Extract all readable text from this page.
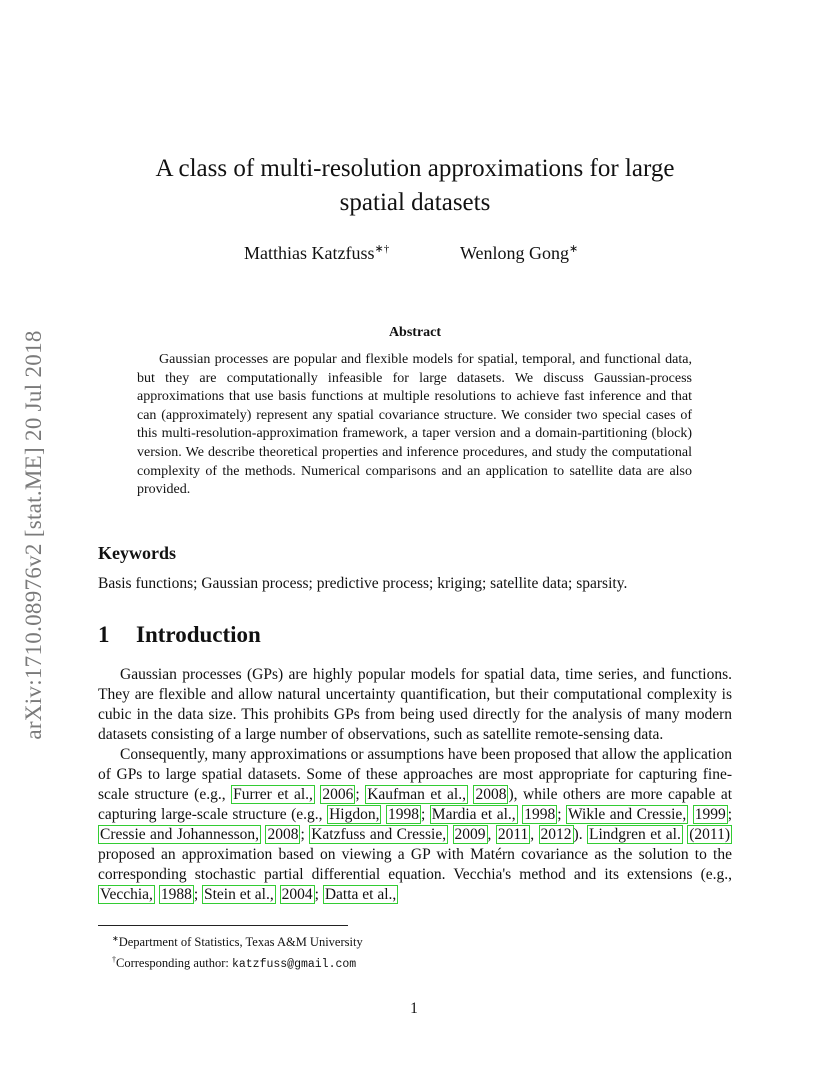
arXiv:1710.08976v2 [stat.ME] 20 Jul 2018
A class of multi-resolution approximations for large spatial datasets
Matthias Katzfuss∗†	Wenlong Gong∗
Abstract

Gaussian processes are popular and flexible models for spatial, temporal, and functional data, but they are computationally infeasible for large datasets. We discuss Gaussian-process approximations that use basis functions at multiple resolutions to achieve fast inference and that can (approximately) represent any spatial covariance structure. We consider two special cases of this multi-resolution-approximation framework, a taper version and a domain-partitioning (block) version. We describe theoretical properties and inference procedures, and study the computational complexity of the methods. Numerical comparisons and an application to satellite data are also provided.

Keywords

Basis functions; Gaussian process; predictive process; kriging; satellite data; sparsity.

1 Introduction

Gaussian processes (GPs) are highly popular models for spatial data, time series, and functions. They are flexible and allow natural uncertainty quantification, but their computational complexity is cubic in the data size. This prohibits GPs from being used directly for the analysis of many modern datasets consisting of a large number of observations, such as satellite remote-sensing data.

Consequently, many approximations or assumptions have been proposed that allow the application of GPs to large spatial datasets. Some of these approaches are most appropriate for capturing fine-scale structure (e.g., Furrer et al., 2006 ; Kaufman et al., 2008 ), while others are more capable at capturing large-scale structure (e.g., Higdon, 1998 ; Mardia et al., 1998 ; Wikle and Cressie, 1999 ; Cressie and Johannesson, 2008 ; Katzfuss and Cressie, 2009 , 2011 , 2012 ). Lindgren et al. (2011) proposed an approximation based on viewing a GP with Matérn covariance as the solution to the corresponding stochastic partial differential equation. Vecchia's method and its extensions (e.g., Vecchia, 1988 ; Stein et al., 2004 ; Datta et al.,

∗Department of Statistics, Texas A&M University
†Corresponding author: katzfuss@gmail.com
1
